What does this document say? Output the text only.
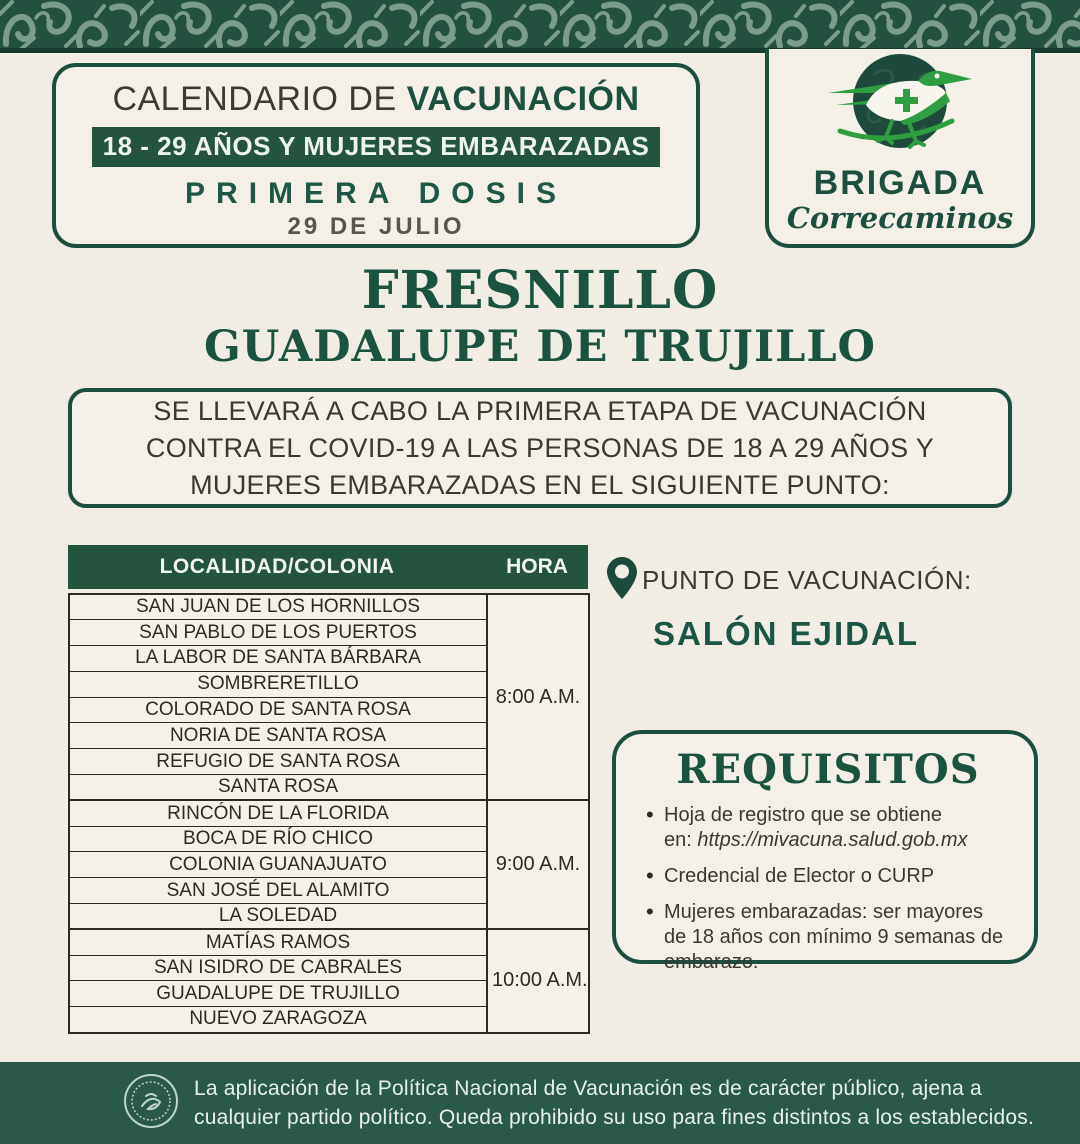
CALENDARIO DE VACUNACIÓN
18 - 29 AÑOS Y MUJERES EMBARAZADAS
PRIMERA DOSIS
29 DE JULIO
BRIGADA
Correcaminos
FRESNILLO
GUADALUPE DE TRUJILLO
SE LLEVARÁ A CABO LA PRIMERA ETAPA DE VACUNACIÓN CONTRA EL COVID-19 A LAS PERSONAS DE 18 A 29 AÑOS Y MUJERES EMBARAZADAS EN EL SIGUIENTE PUNTO:
LOCALIDAD/COLONIA	HORA
SAN JUAN DE LOS HORNILLOS	8:00 A.M.
SAN PABLO DE LOS PUERTOS	
LA LABOR DE SANTA BÁRBARA	
SOMBRERETILLO	
COLORADO DE SANTA ROSA	
NORIA DE SANTA ROSA	
REFUGIO DE SANTA ROSA	
SANTA ROSA	
RINCÓN DE LA FLORIDA	9:00 A.M.
BOCA DE RÍO CHICO	
COLONIA GUANAJUATO	
SAN JOSÉ DEL ALAMITO	
LA SOLEDAD	
MATÍAS RAMOS	10:00 A.M.
SAN ISIDRO DE CABRALES	
GUADALUPE DE TRUJILLO	
NUEVO ZARAGOZA	
PUNTO DE VACUNACIÓN:
SALÓN EJIDAL
REQUISITOS
• Hoja de registro que se obtiene
en: https://mivacuna.salud.gob.mx
• Credencial de Elector o CURP
• Mujeres embarazadas: ser mayores de 18 años con mínimo 9 semanas de embarazo.
La aplicación de la Política Nacional de Vacunación es de carácter público, ajena a
cualquier partido político. Queda prohibido su uso para fines distintos a los establecidos.
